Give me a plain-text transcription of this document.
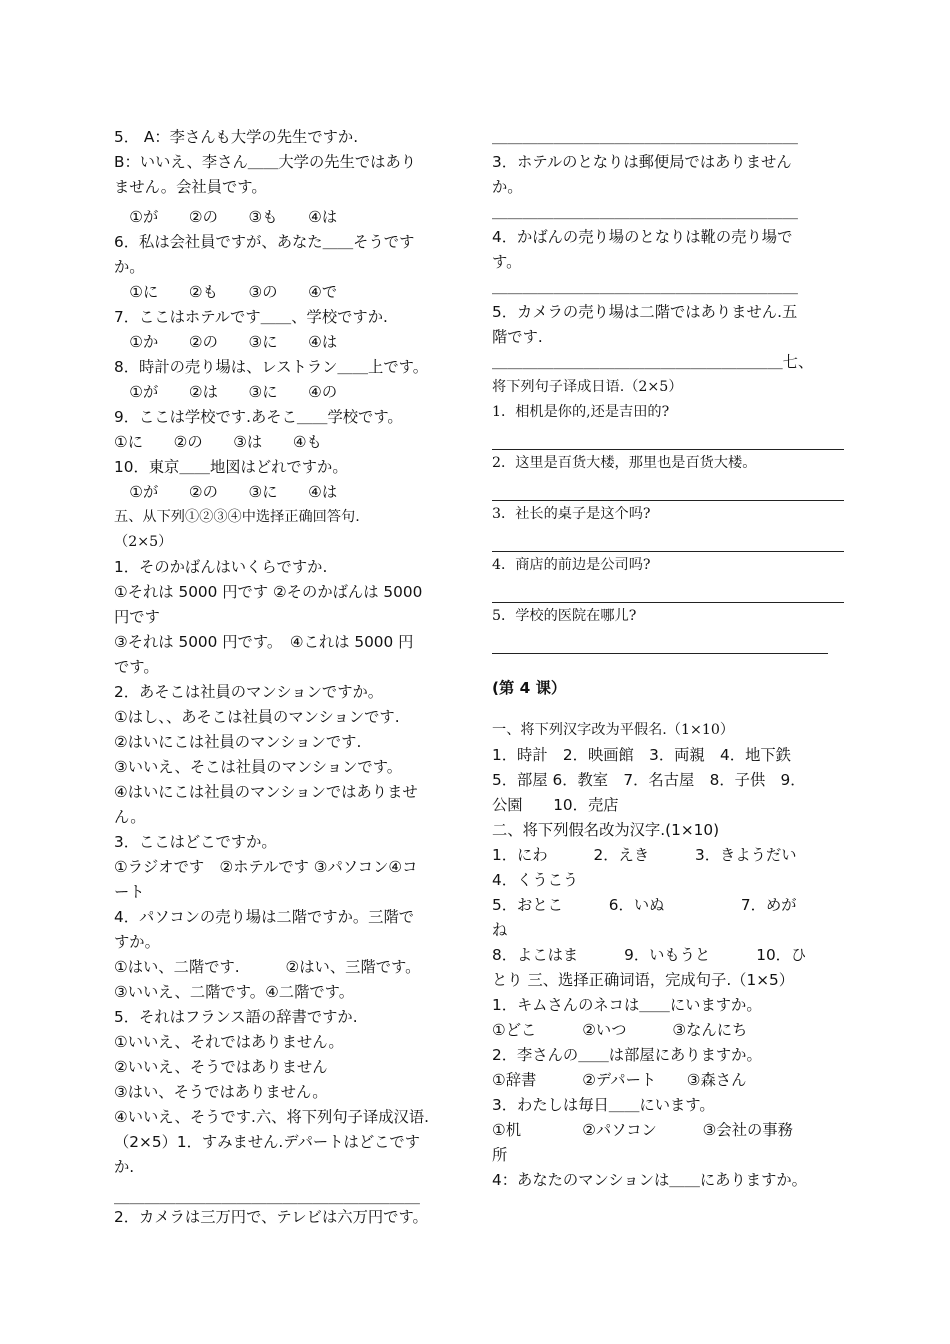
5． A：李さんも大学の先生ですか.
B：いいえ、李さん＿＿大学の先生ではあり
ません。会社員です。
　①が　　②の　　③も　　④は
6．私は会社員ですが、あなた＿＿そうです
か。
　①に　　②も　　③の　　④で
7．ここはホテルです＿＿、学校ですか.
　①か　　②の　　③に　　④は
8．時計の売り場は、レストラン＿＿上です。
　①が　　②は　　③に　　④の
9．ここは学校です.あそこ＿＿学校です。
①に　　②の　　③は　　④も
10．東京＿＿地図はどれですか。
　①が　　②の　　③に　　④は
五、从下列①②③④中选择正确回答句.
（2×5）
1．そのかばんはいくらですか.
①それは 5000 円です ②そのかばんは 5000
円です
③それは 5000 円です。　④これは 5000 円
です。
2．あそこは社員のマンションですか。
①はし、、あそこは社員のマンションです.
②はいにこは社員のマンションです.
③いいえ、そこは社員のマンションです。
④はいにこは社員のマンションではありませ
ん。
3．ここはどこですか。
①ラジオです　②ホテルです ③パソコン④コ
ート
4．パソコンの売り場は二階ですか。三階で
すか。
①はい、二階です.　　　②はい、三階です。
③いいえ、二階です。④二階です。
5．それはフランス語の辞書ですか.
①いいえ、それではありません。
②いいえ、そうではありません
③はい、そうではありません。
④いいえ、そうです.六、将下列句子译成汉语.
（2×5）1．すみません.デパートはどこです
か.
＿＿＿＿＿＿＿＿＿＿＿＿＿＿＿＿＿＿＿＿
2．カメラは三万円で、テレビは六万円です。
＿＿＿＿＿＿＿＿＿＿＿＿＿＿＿＿＿＿＿＿
3．ホテルのとなりは郵便局ではありません
か。
＿＿＿＿＿＿＿＿＿＿＿＿＿＿＿＿＿＿＿＿
4．かばんの売り場のとなりは靴の売り場で
す。
＿＿＿＿＿＿＿＿＿＿＿＿＿＿＿＿＿＿＿＿
5．カメラの売り場は二階ではありません.五
階です.
＿＿＿＿＿＿＿＿＿＿＿＿＿＿＿＿＿＿＿七、
将下列句子译成日语.（2×5）
1．相机是你的,还是吉田的?
2．这里是百货大楼，那里也是百货大楼。
3．社长的桌子是这个吗?
4．商店的前边是公司吗?
5．学校的医院在哪儿?
(第 4 课）
一、将下列汉字改为平假名.（1×10）
1．時計　2．映画館　3．両親　4．地下鉄
5．部屋 6．教室　7．名古屋　8．子供　9．
公園　　10．売店
二、将下列假名改为汉字.(1×10)
1．にわ　　　2．えき　　　3．きようだい
4．くうこう
5．おとこ　　　6．いぬ　　　　　7．めが
ね
8．よこはま　　　9．いもうと　　　10．ひ
とり 三、选择正确词语，完成句子.（1×5）
1．キムさんのネコは＿＿にいますか。
①どこ　　　②いつ　　　③なんにち
2．李さんの＿＿は部屋にありますか。
①辞書　　　②デパート　　③森さん
3．わたしは毎日＿＿にいます。
①机　　　　②パソコン　　　③会社の事務
所
4：あなたのマンションは＿＿にありますか。
